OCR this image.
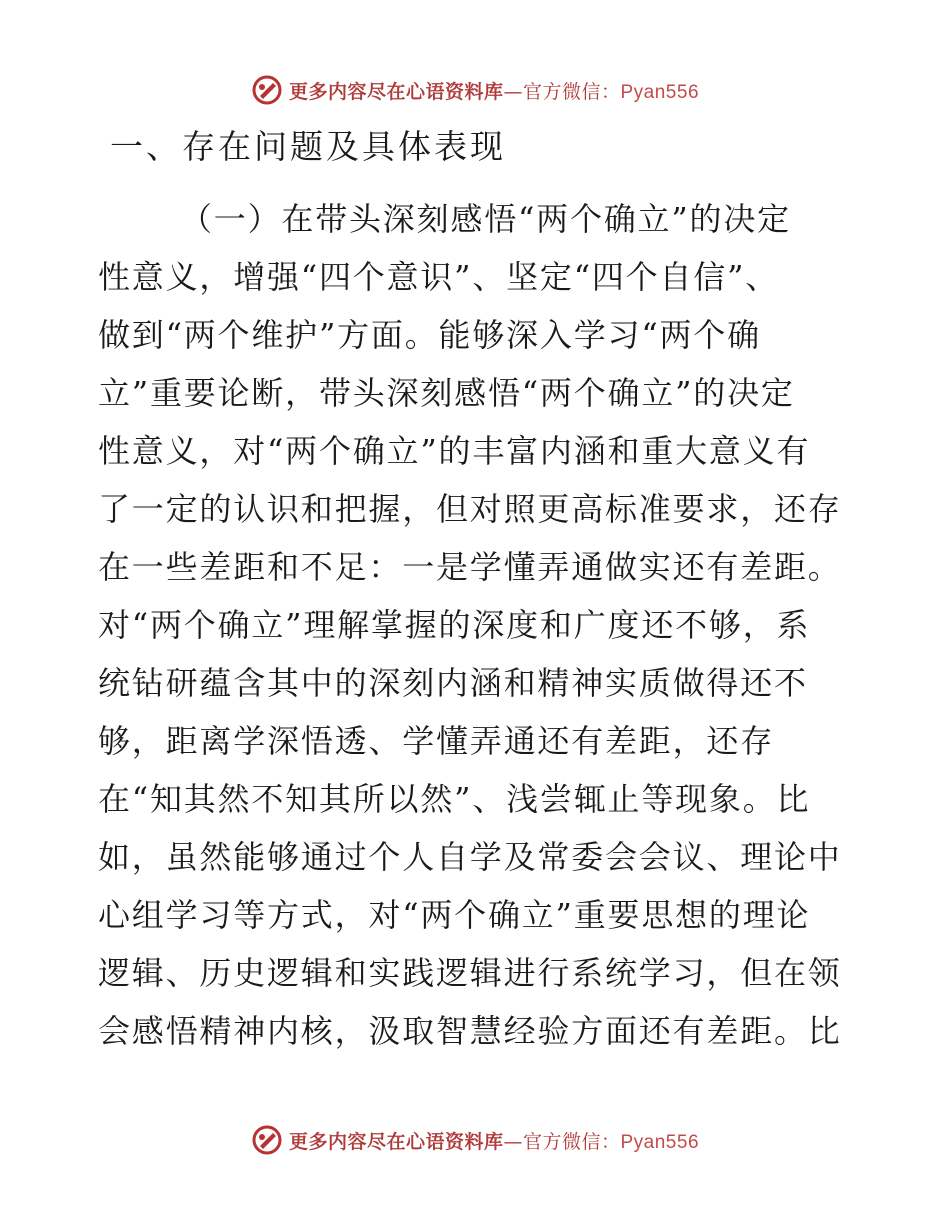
更多内容尽在心语资料库—官方微信：Pyan556
一、存在问题及具体表现
（一）在带头深刻感悟“两个确立”的决定
性意义，增强“四个意识”、坚定“四个自信”、
做到“两个维护”方面。能够深入学习“两个确
立”重要论断，带头深刻感悟“两个确立”的决定
性意义，对“两个确立”的丰富内涵和重大意义有
了一定的认识和把握，但对照更高标准要求，还存
在一些差距和不足：一是学懂弄通做实还有差距。
对“两个确立”理解掌握的深度和广度还不够，系
统钻研蕴含其中的深刻内涵和精神实质做得还不
够，距离学深悟透、学懂弄通还有差距，还存
在“知其然不知其所以然”、浅尝辄止等现象。比
如，虽然能够通过个人自学及常委会会议、理论中
心组学习等方式，对“两个确立”重要思想的理论
逻辑、历史逻辑和实践逻辑进行系统学习，但在领
会感悟精神内核，汲取智慧经验方面还有差距。比
更多内容尽在心语资料库—官方微信：Pyan556
